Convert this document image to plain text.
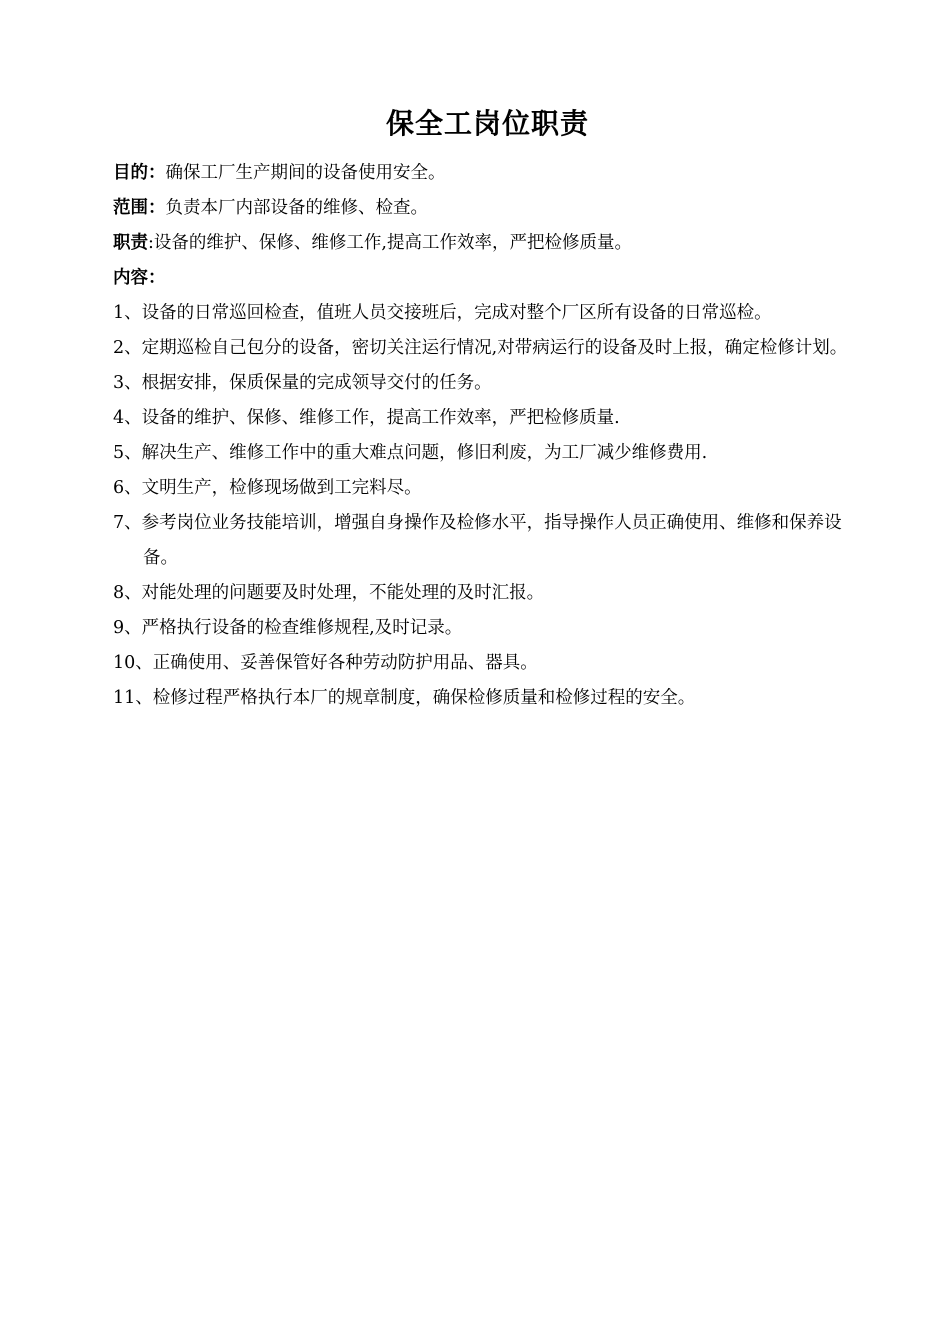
保全工岗位职责

目的：确保工厂生产期间的设备使用安全。

范围：负责本厂内部设备的维修、检查。

职责:设备的维护、保修、维修工作,提高工作效率，严把检修质量。

内容：

1、设备的日常巡回检查，值班人员交接班后，完成对整个厂区所有设备的日常巡检。

2、定期巡检自己包分的设备，密切关注运行情况,对带病运行的设备及时上报，确定检修计划。

3、根据安排，保质保量的完成领导交付的任务。

4、设备的维护、保修、维修工作，提高工作效率，严把检修质量.

5、解决生产、维修工作中的重大难点问题，修旧利废，为工厂减少维修费用.

6、文明生产，检修现场做到工完料尽。

7、参考岗位业务技能培训，增强自身操作及检修水平，指导操作人员正确使用、维修和保养设备。

8、对能处理的问题要及时处理，不能处理的及时汇报。

9、严格执行设备的检查维修规程,及时记录。

10、正确使用、妥善保管好各种劳动防护用品、器具。

11、检修过程严格执行本厂的规章制度，确保检修质量和检修过程的安全。
